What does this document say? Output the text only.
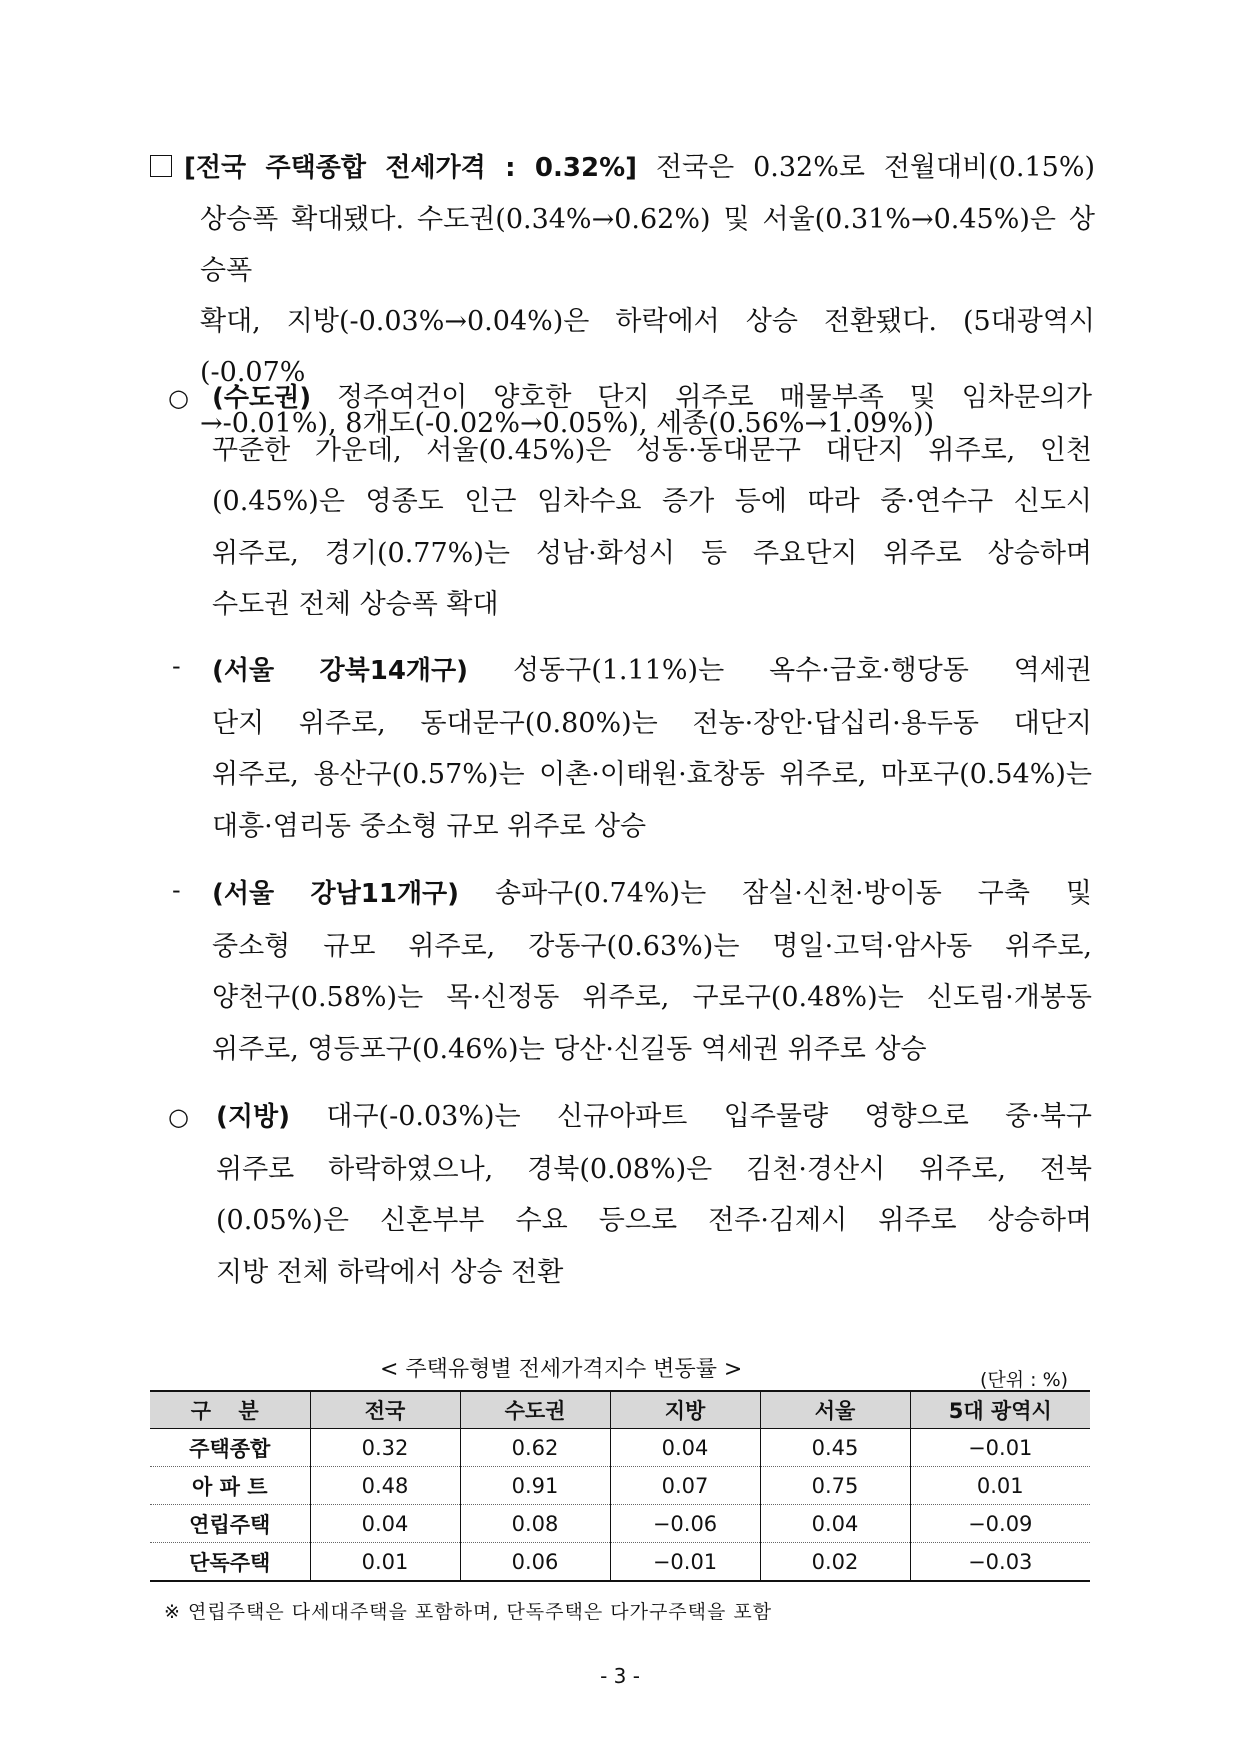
[전국 주택종합 전세가격 : 0.32%] 전국은 0.32%로 전월대비(0.15%)
상승폭 확대됐다. 수도권(0.34%→0.62%) 및 서울(0.31%→0.45%)은 상승폭
확대, 지방(-0.03%→0.04%)은 하락에서 상승 전환됐다. (5대광역시(-0.07%
→-0.01%), 8개도(-0.02%→0.05%), 세종(0.56%→1.09%))
○ (수도권) 정주여건이 양호한 단지 위주로 매물부족 및 임차문의가
꾸준한 가운데, 서울(0.45%)은 성동·동대문구 대단지 위주로, 인천
(0.45%)은 영종도 인근 임차수요 증가 등에 따라 중·연수구 신도시
위주로, 경기(0.77%)는 성남·화성시 등 주요단지 위주로 상승하며
수도권 전체 상승폭 확대
- (서울 강북14개구) 성동구(1.11%)는 옥수·금호·행당동 역세권
단지 위주로, 동대문구(0.80%)는 전농·장안·답십리·용두동 대단지
위주로, 용산구(0.57%)는 이촌·이태원·효창동 위주로, 마포구(0.54%)는
대흥·염리동 중소형 규모 위주로 상승
- (서울 강남11개구) 송파구(0.74%)는 잠실·신천·방이동 구축 및
중소형 규모 위주로, 강동구(0.63%)는 명일·고덕·암사동 위주로,
양천구(0.58%)는 목·신정동 위주로, 구로구(0.48%)는 신도림·개봉동
위주로, 영등포구(0.46%)는 당산·신길동 역세권 위주로 상승
○ (지방) 대구(-0.03%)는 신규아파트 입주물량 영향으로 중·북구
위주로 하락하였으나, 경북(0.08%)은 김천·경산시 위주로, 전북
(0.05%)은 신혼부부 수요 등으로 전주·김제시 위주로 상승하며
지방 전체 하락에서 상승 전환
< 주택유형별 전세가격지수 변동률 >	(단위 : %)
구 분	전국	수도권	지방	서울	5대 광역시
주택종합	0.32	0.62	0.04	0.45	−0.01
아 파 트	0.48	0.91	0.07	0.75	0.01
연립주택	0.04	0.08	−0.06	0.04	−0.09
단독주택	0.01	0.06	−0.01	0.02	−0.03
※ 연립주택은 다세대주택을 포함하며, 단독주택은 다가구주택을 포함
- 3 -
